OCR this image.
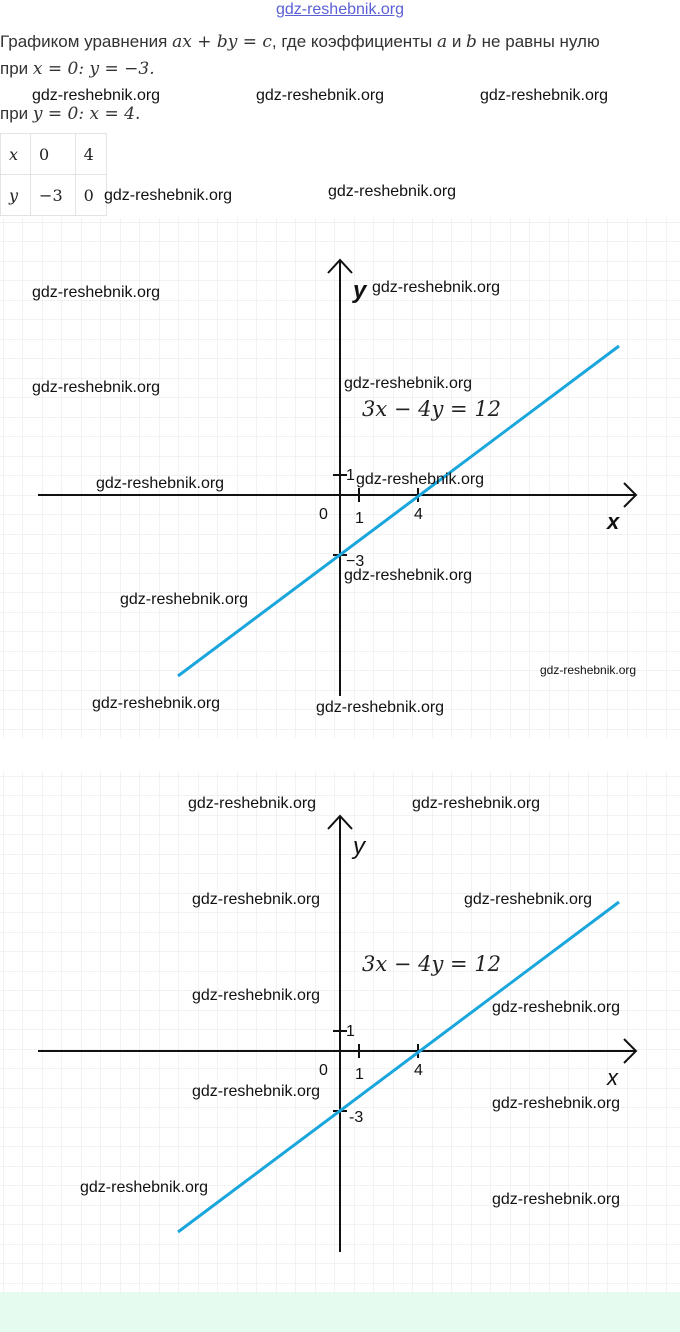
gdz-reshebnik.org
Графиком уравнения ax + by = c, где коэффициенты a и b не равны нулю
при x = 0: y = −3.
при y = 0: x = 4.
x	0	4
y	−3	0
y
x
0 1	4
1
−3
3x − 4y = 12
y
x
0 1	4
1
-3
3x − 4y = 12
gdz-reshebnik.org	gdz-reshebnik.org	gdz-reshebnik.org
gdz-reshebnik.org	gdz-reshebnik.org
gdz-reshebnik.org	gdz-reshebnik.org
gdz-reshebnik.org	gdz-reshebnik.org
gdz-reshebnik.org	gdz-reshebnik.org
gdz-reshebnik.org
gdz-reshebnik.org
gdz-reshebnik.org
gdz-reshebnik.org	gdz-reshebnik.org
gdz-reshebnik.org	gdz-reshebnik.org
gdz-reshebnik.org	gdz-reshebnik.org
gdz-reshebnik.org
gdz-reshebnik.org
gdz-reshebnik.org
gdz-reshebnik.org
gdz-reshebnik.org
gdz-reshebnik.org
